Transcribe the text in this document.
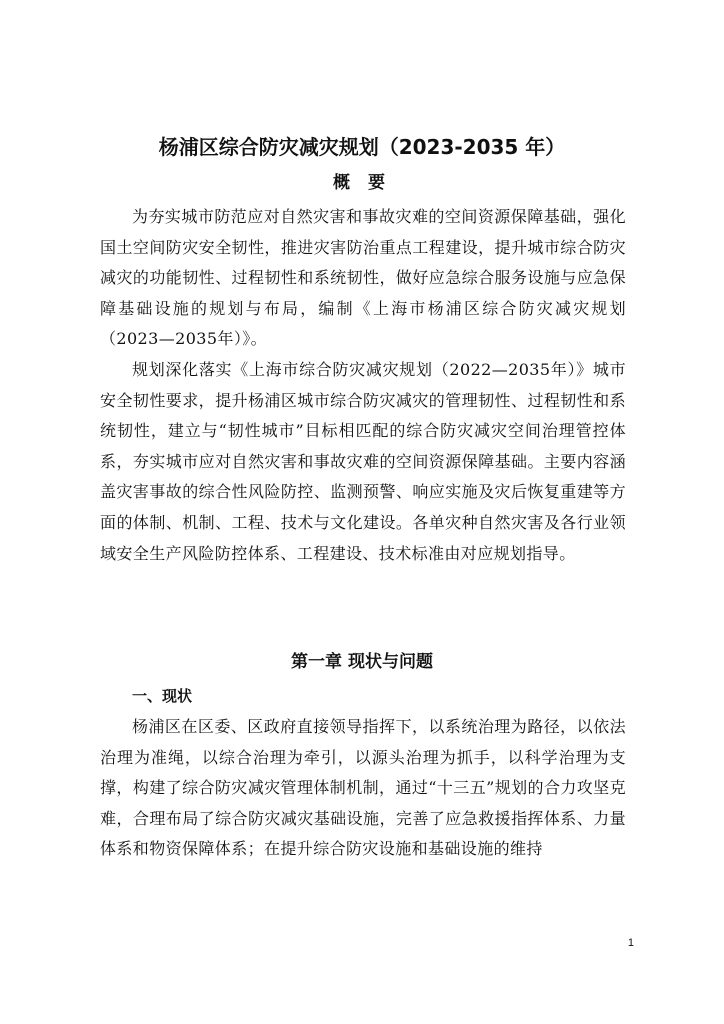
杨浦区综合防灾减灾规划（2023-2035 年）
概 要

为夯实城市防范应对自然灾害和事故灾难的空间资源保障基础，强化国土空间防灾安全韧性，推进灾害防治重点工程建设，提升城市综合防灾减灾的功能韧性、过程韧性和系统韧性，做好应急综合服务设施与应急保障基础设施的规划与布局，编制《上海市杨浦区综合防灾减灾规划（2023—2035年）》。

规划深化落实《上海市综合防灾减灾规划（2022—2035年）》城市安全韧性要求，提升杨浦区城市综合防灾减灾的管理韧性、过程韧性和系统韧性，建立与“韧性城市”目标相匹配的综合防灾减灾空间治理管控体系，夯实城市应对自然灾害和事故灾难的空间资源保障基础。主要内容涵盖灾害事故的综合性风险防控、监测预警、响应实施及灾后恢复重建等方面的体制、机制、工程、技术与文化建设。各单灾种自然灾害及各行业领域安全生产风险防控体系、工程建设、技术标准由对应规划指导。

第一章 现状与问题
一、现状

杨浦区在区委、区政府直接领导指挥下，以系统治理为路径，以依法治理为准绳，以综合治理为牵引，以源头治理为抓手，以科学治理为支撑，构建了综合防灾减灾管理体制机制，通过“十三五”规划的合力攻坚克难，合理布局了综合防灾减灾基础设施，完善了应急救援指挥体系、力量体系和物资保障体系；在提升综合防灾设施和基础设施的维持

1
